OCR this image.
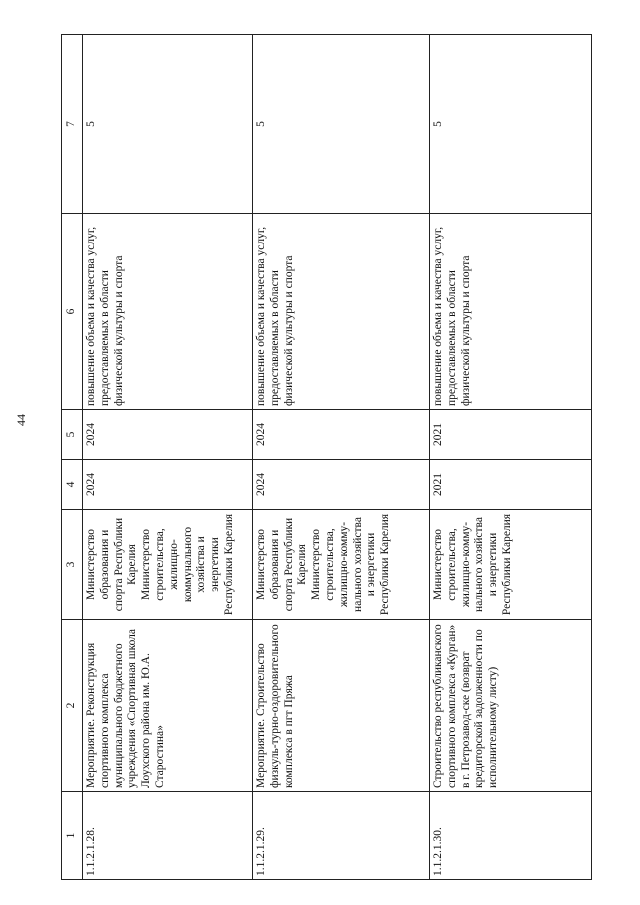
44
1	2	3	4	5	6	7
1.1.2.1.28.	Мероприятие. Реконструкция спортивного комплекса муниципального бюджетного учреждения «Спортивная школа Лоухского района им. Ю.А. Старостина»	Министерство образования и спорта Республики Карелия Министерство строительства, жилищно-коммунального хозяйства и энергетики Республики Карелия	2024	2024	повышение объема и качества услуг, предоставляемых в области физической культуры и спорта	5
1.1.2.1.29.	Мероприятие. Строительство физкуль-турно-оздоровительного комплекса в пгт Пряжа	Министерство образования и спорта Республики Карелия Министерство строительства, жилищно-комму-нального хозяйства и энергетики Республики Карелия	2024	2024	повышение объема и качества услуг, предоставляемых в области физической культуры и спорта	5
1.1.2.1.30.	Строительство республиканского спортивного комплекса «Курган» в г. Петрозавод-ске (возврат кредиторской задолженности по исполнительному листу)	Министерство строительства, жилищно-комму-нального хозяйства и энергетики Республики Карелия	2021	2021	повышение объема и качества услуг, предоставляемых в области физической культуры и спорта	5
